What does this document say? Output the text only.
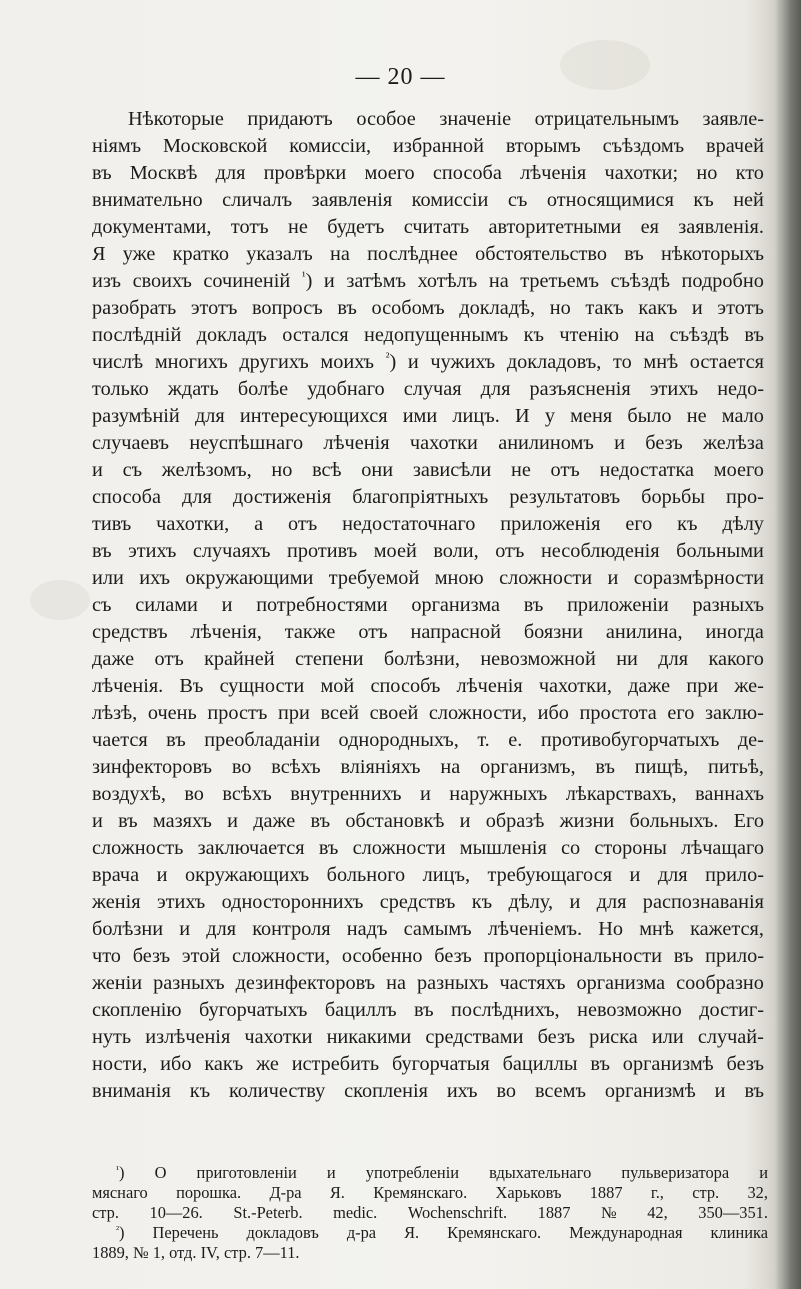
— 20 —
Нѣкоторые придаютъ особое значеніе отрицательнымъ заявле-
ніямъ Московской комиссіи, избранной вторымъ съѣздомъ врачей
въ Москвѣ для провѣрки моего способа лѣченія чахотки; но кто
внимательно сличалъ заявленія комиссіи съ относящимися къ ней
документами, тотъ не будетъ считать авторитетными ея заявленія.
Я уже кратко указалъ на послѣднее обстоятельство въ нѣкоторыхъ
изъ своихъ сочиненій $^{^1}$) и затѣмъ хотѣлъ на третьемъ съѣздѣ подробно
разобрать этотъ вопросъ въ особомъ докладѣ, но такъ какъ и этотъ
послѣдній докладъ остался недопущеннымъ къ чтенію на съѣздѣ въ
числѣ многихъ другихъ моихъ $^{^2}$) и чужихъ докладовъ, то мнѣ остается
только ждать болѣе удобнаго случая для разъясненія этихъ недо-
разумѣній для интересующихся ими лицъ. И у меня было не мало
случаевъ неуспѣшнаго лѣченія чахотки анилиномъ и безъ желѣза
и съ желѣзомъ, но всѣ они зависѣли не отъ недостатка моего
способа для достиженія благопріятныхъ результатовъ борьбы про-
тивъ чахотки, а отъ недостаточнаго приложенія его къ дѣлу
въ этихъ случаяхъ противъ моей воли, отъ несоблюденія больными
или ихъ окружающими требуемой мною сложности и соразмѣрности
съ силами и потребностями организма въ приложеніи разныхъ
средствъ лѣченія, также отъ напрасной боязни анилина, иногда
даже отъ крайней степени болѣзни, невозможной ни для какого
лѣченія. Въ сущности мой способъ лѣченія чахотки, даже при же-
лѣзѣ, очень простъ при всей своей сложности, ибо простота его заклю-
чается въ преобладаніи однородныхъ, т. е. противобугорчатыхъ де-
зинфекторовъ во всѣхъ вліяніяхъ на организмъ, въ пищѣ, питьѣ,
воздухѣ, во всѣхъ внутреннихъ и наружныхъ лѣкарствахъ, ваннахъ
и въ мазяхъ и даже въ обстановкѣ и образѣ жизни больныхъ. Его
сложность заключается въ сложности мышленія со стороны лѣчащаго
врача и окружающихъ больного лицъ, требующагося и для прило-
женія этихъ одностороннихъ средствъ къ дѣлу, и для распознаванія
болѣзни и для контроля надъ самымъ лѣченіемъ. Но мнѣ кажется,
что безъ этой сложности, особенно безъ пропорціональности въ прило-
женіи разныхъ дезинфекторовъ на разныхъ частяхъ организма сообразно
скопленію бугорчатыхъ бациллъ въ послѣднихъ, невозможно достиг-
нуть излѣченія чахотки никакими средствами безъ риска или случай-
ности, ибо какъ же истребить бугорчатыя бациллы въ организмѣ безъ
вниманія къ количеству скопленія ихъ во всемъ организмѣ и въ
$^{^1}$) О приготовленіи и употребленіи вдыхательнаго пульверизатора и
мяснаго порошка. Д-ра Я. Кремянскаго. Харьковъ 1887 г., стр. 32,
стр. 10—26. St.-Peterb. medic. Wochenschrift. 1887 № 42, 350—351.
$^{^2}$) Перечень докладовъ д-ра Я. Кремянскаго. Международная клиника
1889, № 1, отд. IV, стр. 7—11.
